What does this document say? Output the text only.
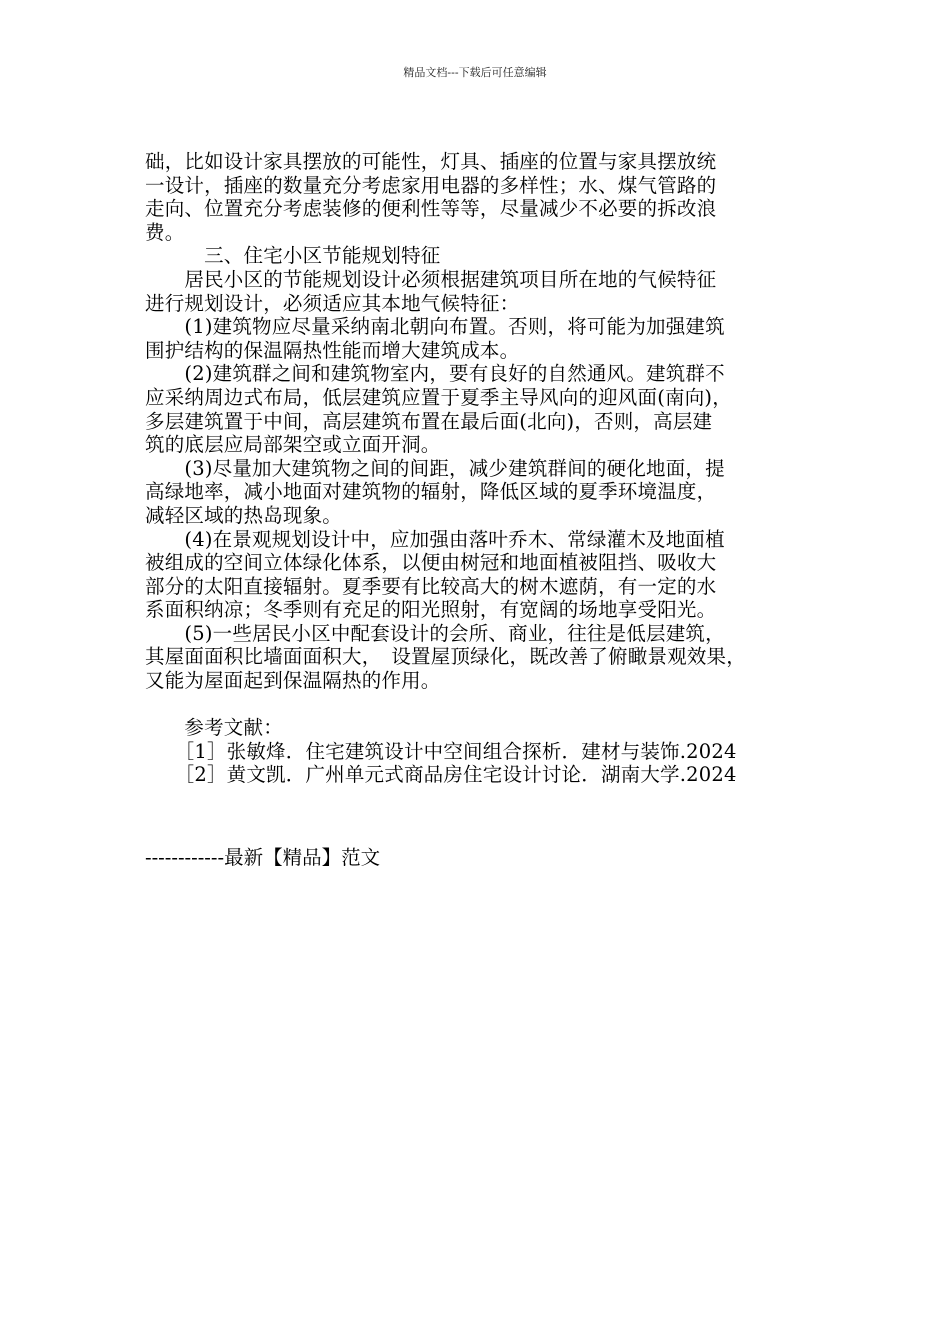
精品文档---下载后可任意编辑
础，比如设计家具摆放的可能性，灯具、插座的位置与家具摆放统
一设计，插座的数量充分考虑家用电器的多样性；水、煤气管路的
走向、位置充分考虑装修的便利性等等，尽量减少不必要的拆改浪
费。
　　　三、住宅小区节能规划特征
　　居民小区的节能规划设计必须根据建筑项目所在地的气候特征
进行规划设计，必须适应其本地气候特征：
　　(1)建筑物应尽量采纳南北朝向布置。否则，将可能为加强建筑
围护结构的保温隔热性能而增大建筑成本。
　　(2)建筑群之间和建筑物室内，要有良好的自然通风。建筑群不
应采纳周边式布局，低层建筑应置于夏季主导风向的迎风面(南向)，
多层建筑置于中间，高层建筑布置在最后面(北向)，否则，高层建
筑的底层应局部架空或立面开洞。
　　(3)尽量加大建筑物之间的间距，减少建筑群间的硬化地面，提
高绿地率，减小地面对建筑物的辐射，降低区域的夏季环境温度，
减轻区域的热岛现象。
　　(4)在景观规划设计中，应加强由落叶乔木、常绿灌木及地面植
被组成的空间立体绿化体系，以便由树冠和地面植被阻挡、吸收大
部分的太阳直接辐射。夏季要有比较高大的树木遮荫，有一定的水
系面积纳凉；冬季则有充足的阳光照射，有宽阔的场地享受阳光。
　　(5)一些居民小区中配套设计的会所、商业，往往是低层建筑，
其屋面面积比墙面面积大，　设置屋顶绿化，既改善了俯瞰景观效果，
又能为屋面起到保温隔热的作用。
　　参考文献：
　　［1］张敏烽．住宅建筑设计中空间组合探析．建材与装饰.2024
　　［2］黄文凯．广州单元式商品房住宅设计讨论．湖南大学.2024
------------最新【精品】范文
